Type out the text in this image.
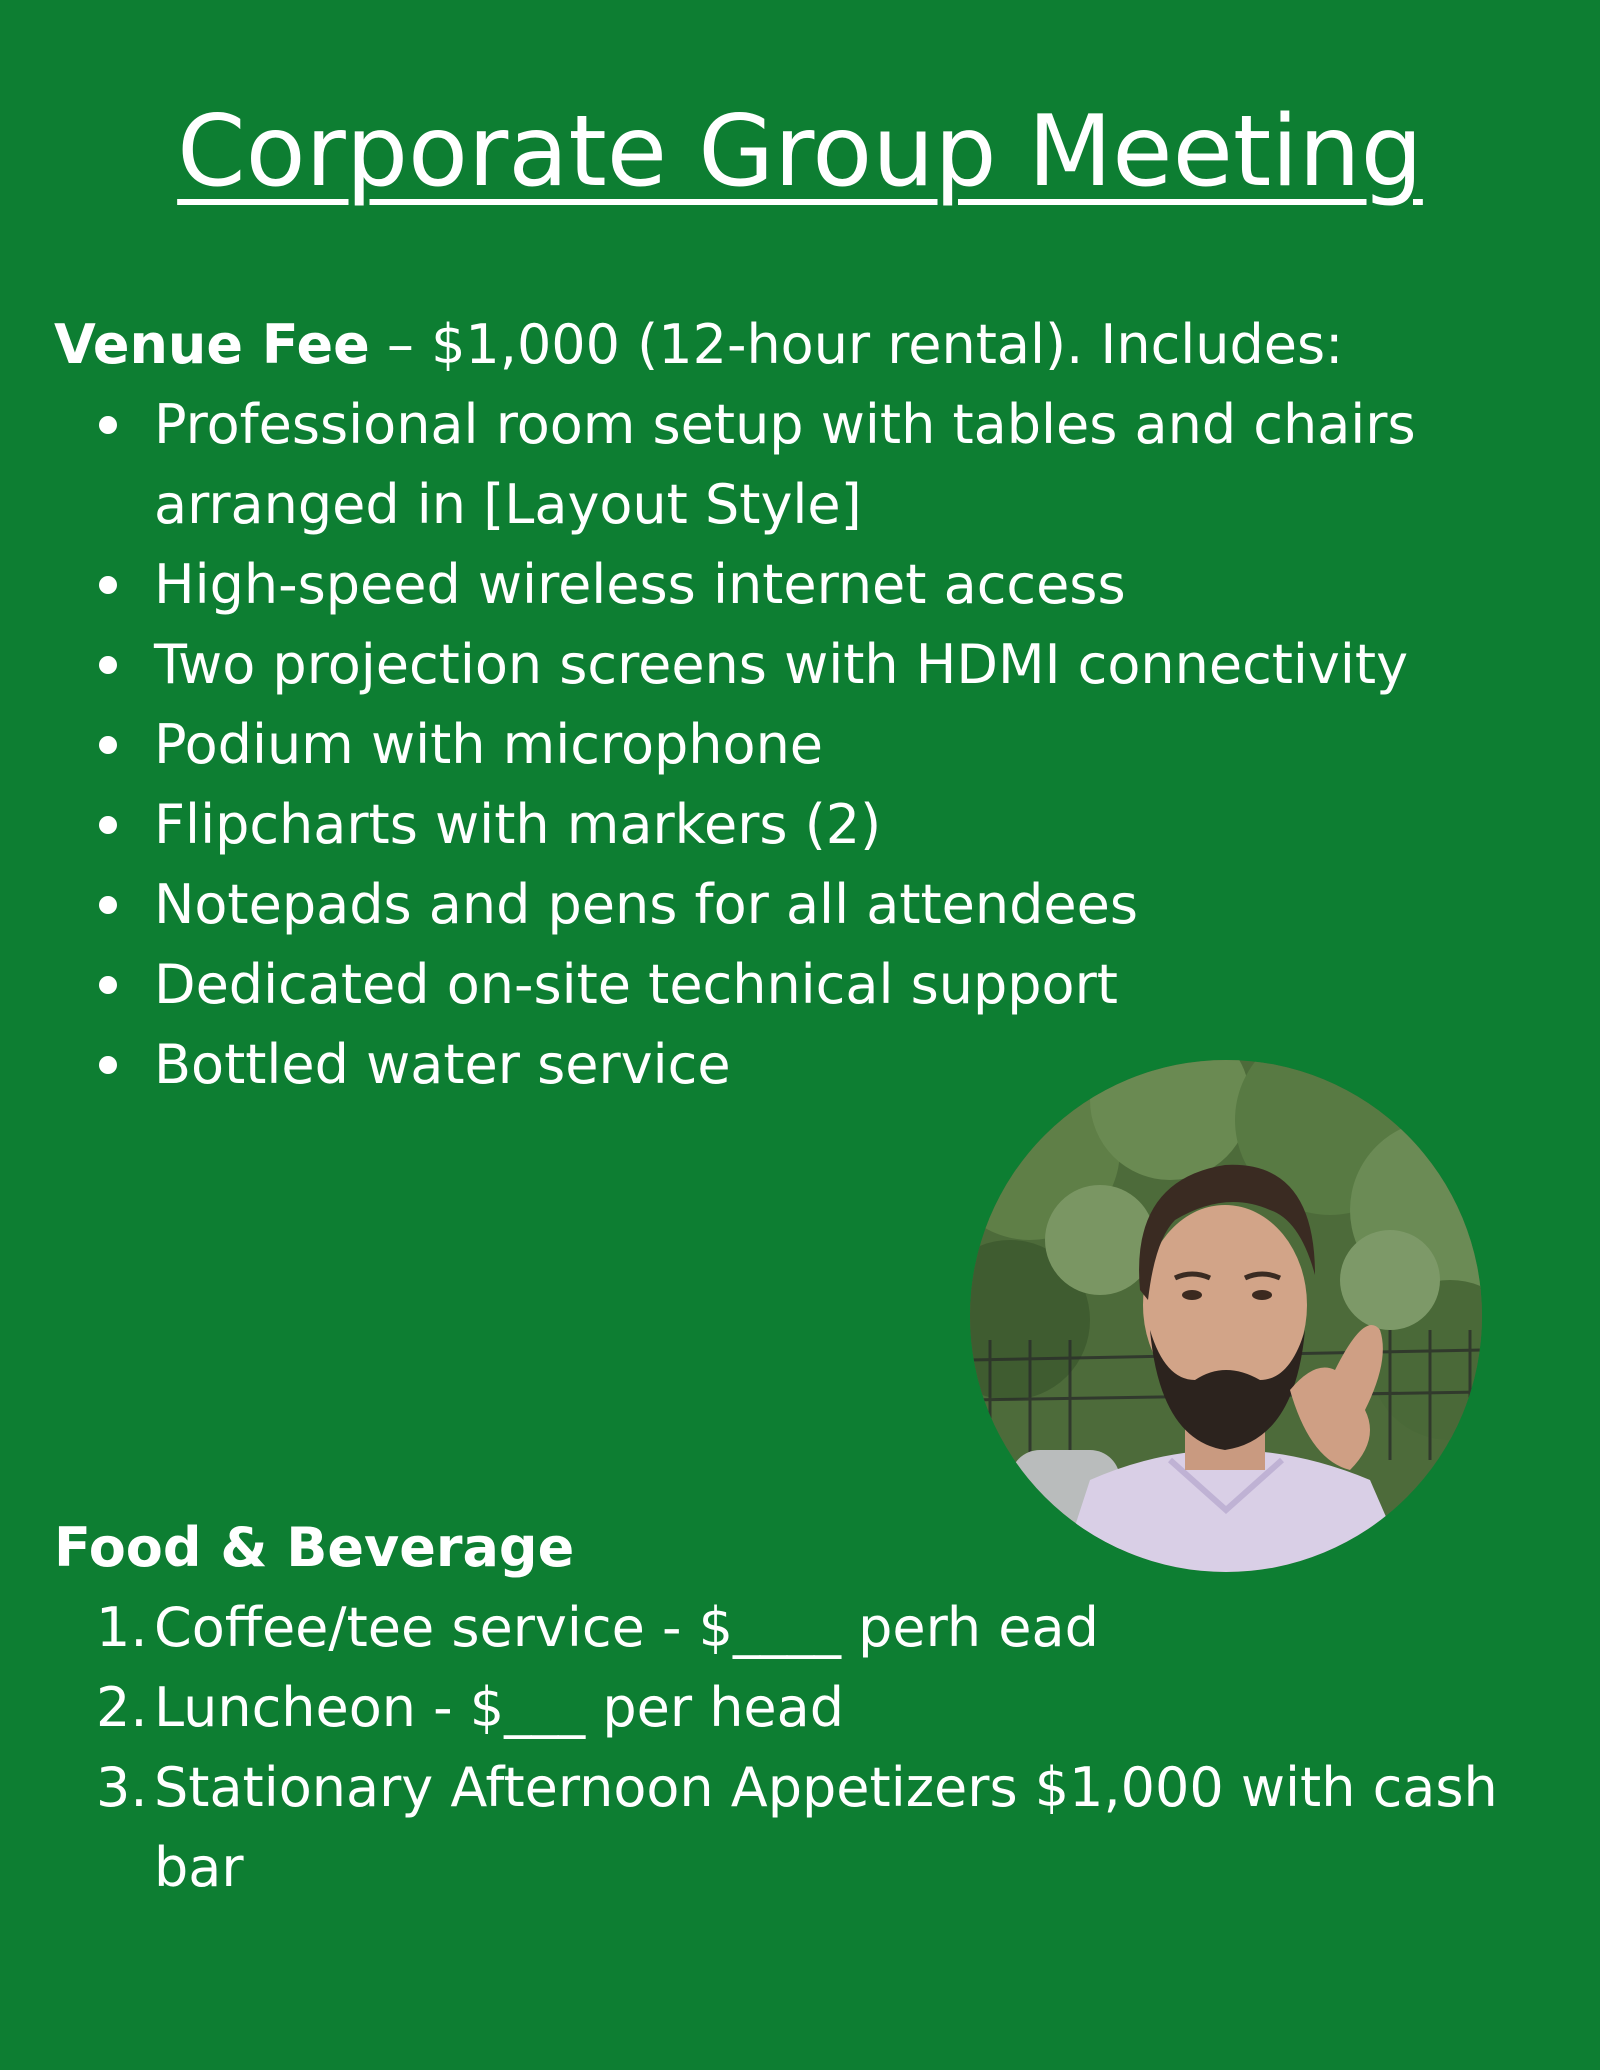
Corporate Group Meeting
Venue Fee – $1,000 (12-hour rental). Includes:
Professional room setup with tables and chairs arranged in [Layout Style]
High-speed wireless internet access
Two projection screens with HDMI connectivity
Podium with microphone
Flipcharts with markers (2)
Notepads and pens for all attendees
Dedicated on-site technical support
Bottled water service
Food & Beverage
1. Coffee/tee service - $____ perh ead
2. Luncheon - $___ per head
3. Stationary Afternoon Appetizers $1,000 with cash bar
